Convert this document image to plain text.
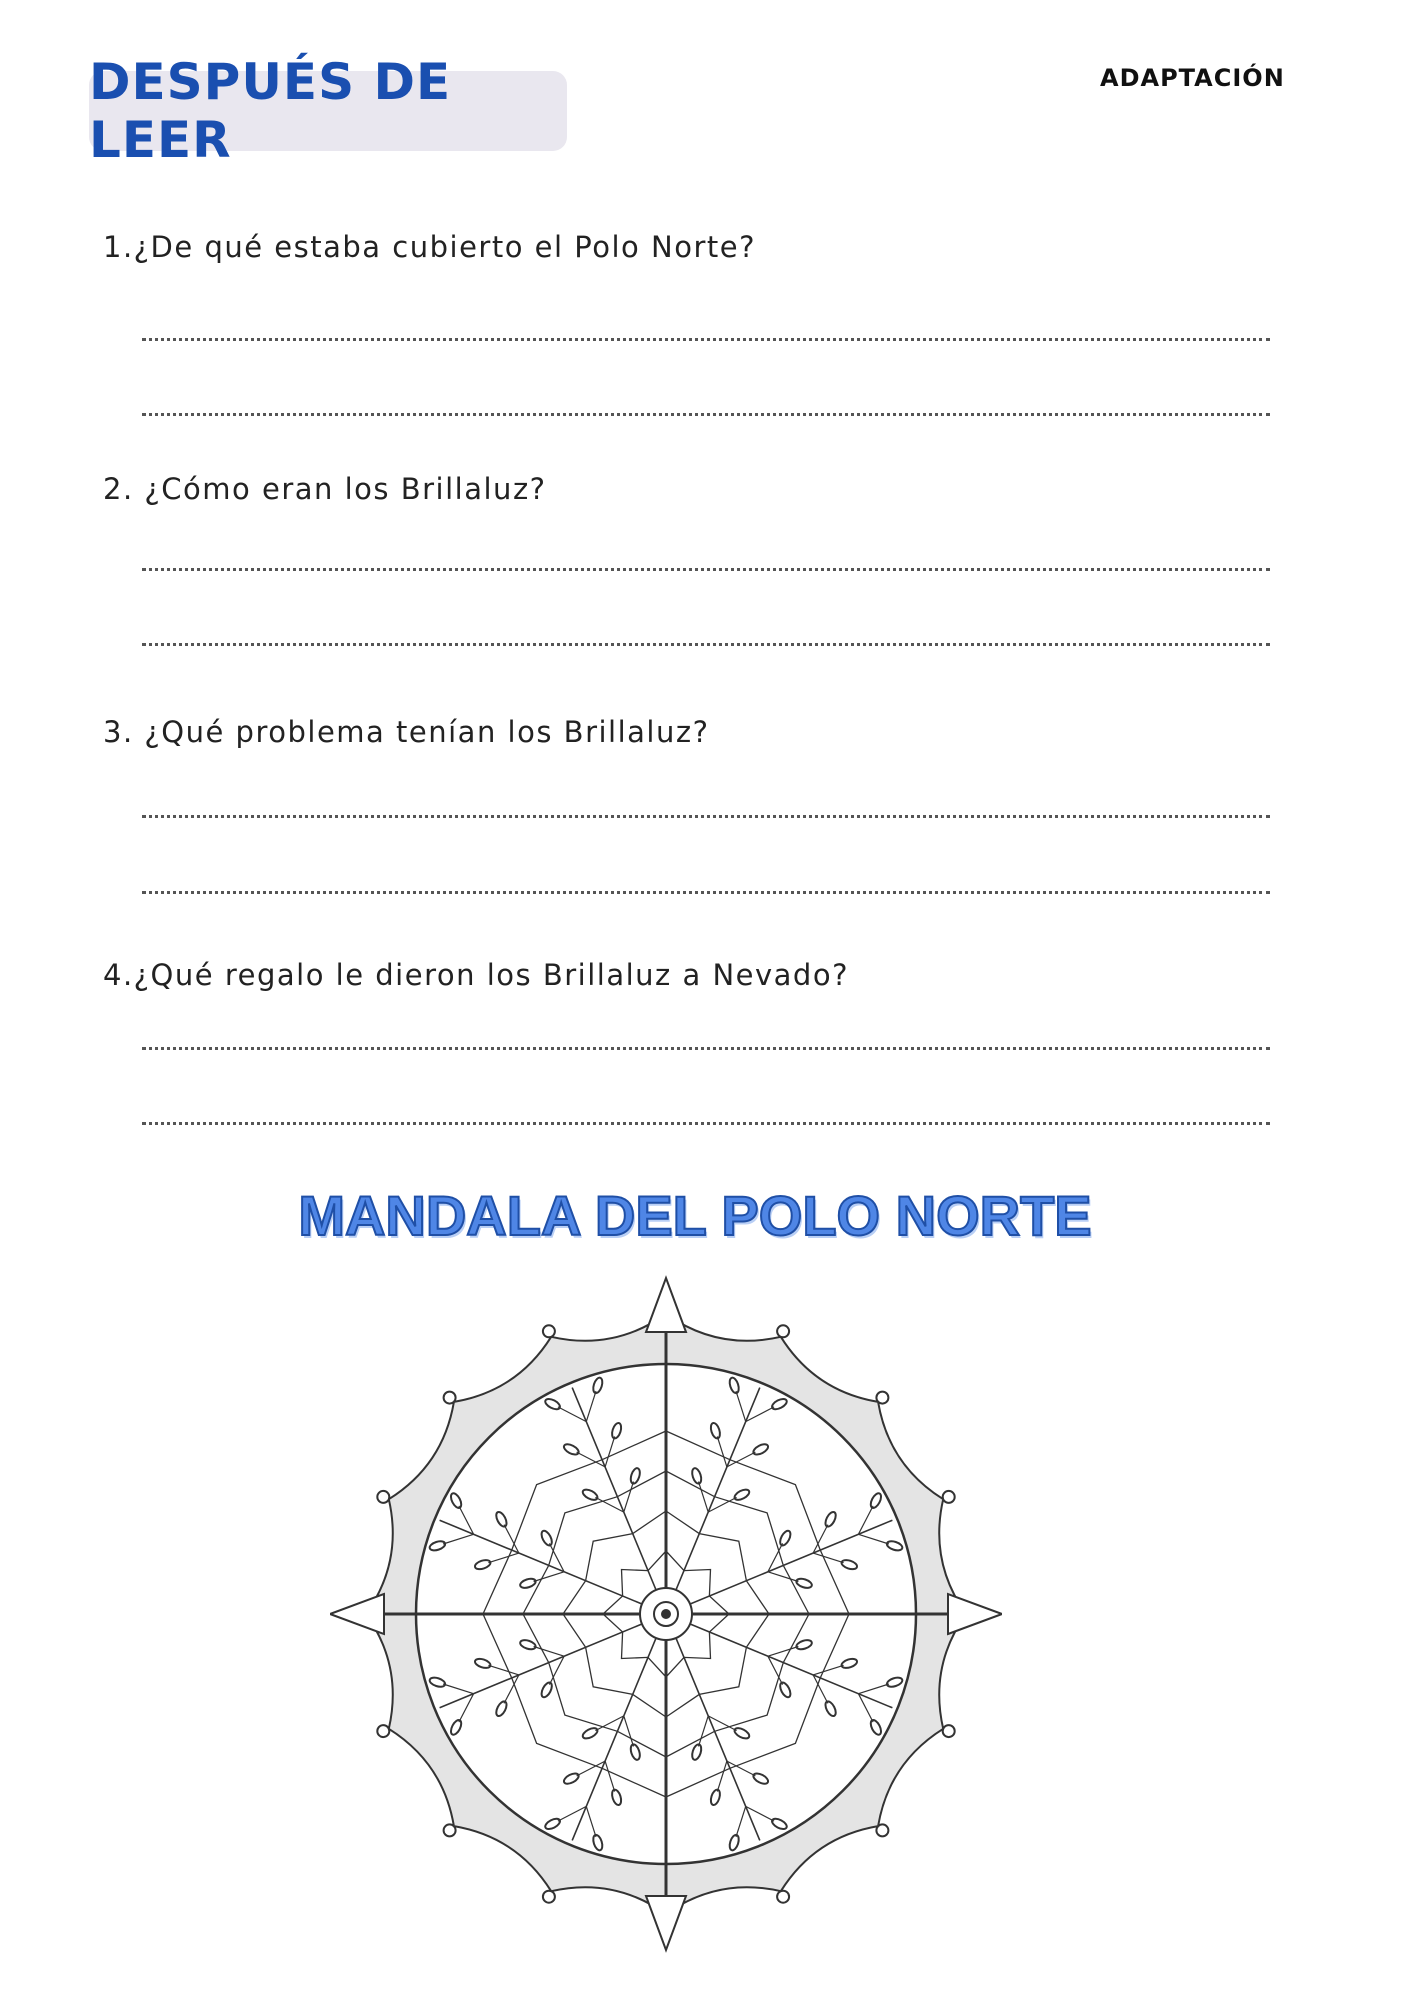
DESPUÉS DE LEER
ADAPTACIÓN
1.¿De qué estaba cubierto el Polo Norte?
2. ¿Cómo eran los Brillaluz?
3. ¿Qué problema tenían los Brillaluz?
4.¿Qué regalo le dieron los Brillaluz a Nevado?
MANDALA DEL POLO NORTE
